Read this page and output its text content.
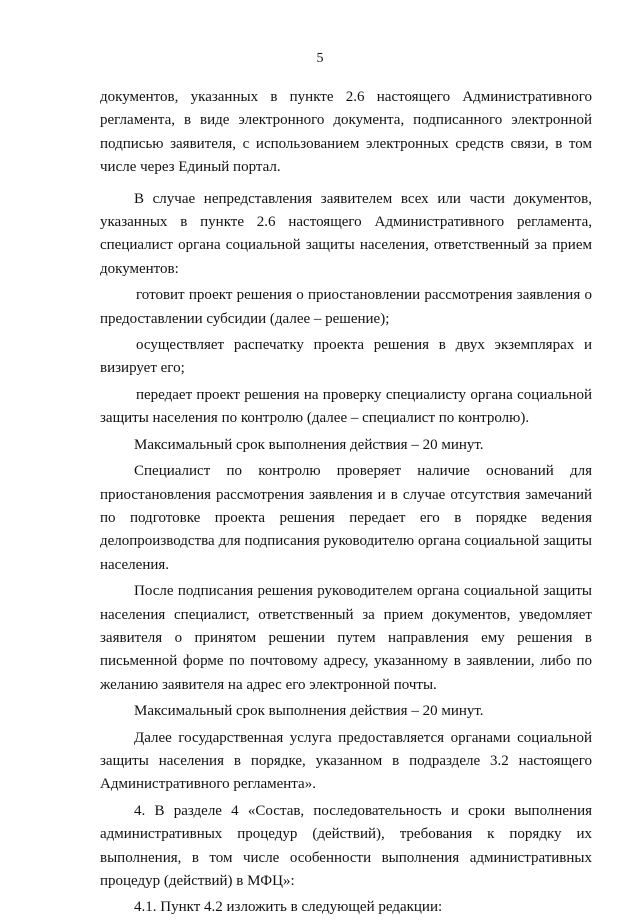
5

документов, указанных в пункте 2.6 настоящего Административного регламента, в виде электронного документа, подписанного электронной подписью заявителя, с использованием электронных средств связи, в том числе через Единый портал.

В случае непредставления заявителем всех или части документов, указанных в пункте 2.6 настоящего Административного регламента, специалист органа социальной защиты населения, ответственный за прием документов:

готовит проект решения о приостановлении рассмотрения заявления о предоставлении субсидии (далее – решение);

осуществляет распечатку проекта решения в двух экземплярах и визирует его;

передает проект решения на проверку специалисту органа социальной защиты населения по контролю (далее – специалист по контролю).

Максимальный срок выполнения действия – 20 минут.

Специалист по контролю проверяет наличие оснований для приостановления рассмотрения заявления и в случае отсутствия замечаний по подготовке проекта решения передает его в порядке ведения делопроизводства для подписания руководителю органа социальной защиты населения.

После подписания решения руководителем органа социальной защиты населения специалист, ответственный за прием документов, уведомляет заявителя о принятом решении путем направления ему решения в письменной форме по почтовому адресу, указанному в заявлении, либо по желанию заявителя на адрес его электронной почты.

Максимальный срок выполнения действия – 20 минут.

Далее государственная услуга предоставляется органами социальной защиты населения в порядке, указанном в подразделе 3.2 настоящего Административного регламента».

4. В разделе 4 «Состав, последовательность и сроки выполнения административных процедур (действий), требования к порядку их выполнения, в том числе особенности выполнения административных процедур (действий) в МФЦ»:

4.1. Пункт 4.2 изложить в следующей редакции:
